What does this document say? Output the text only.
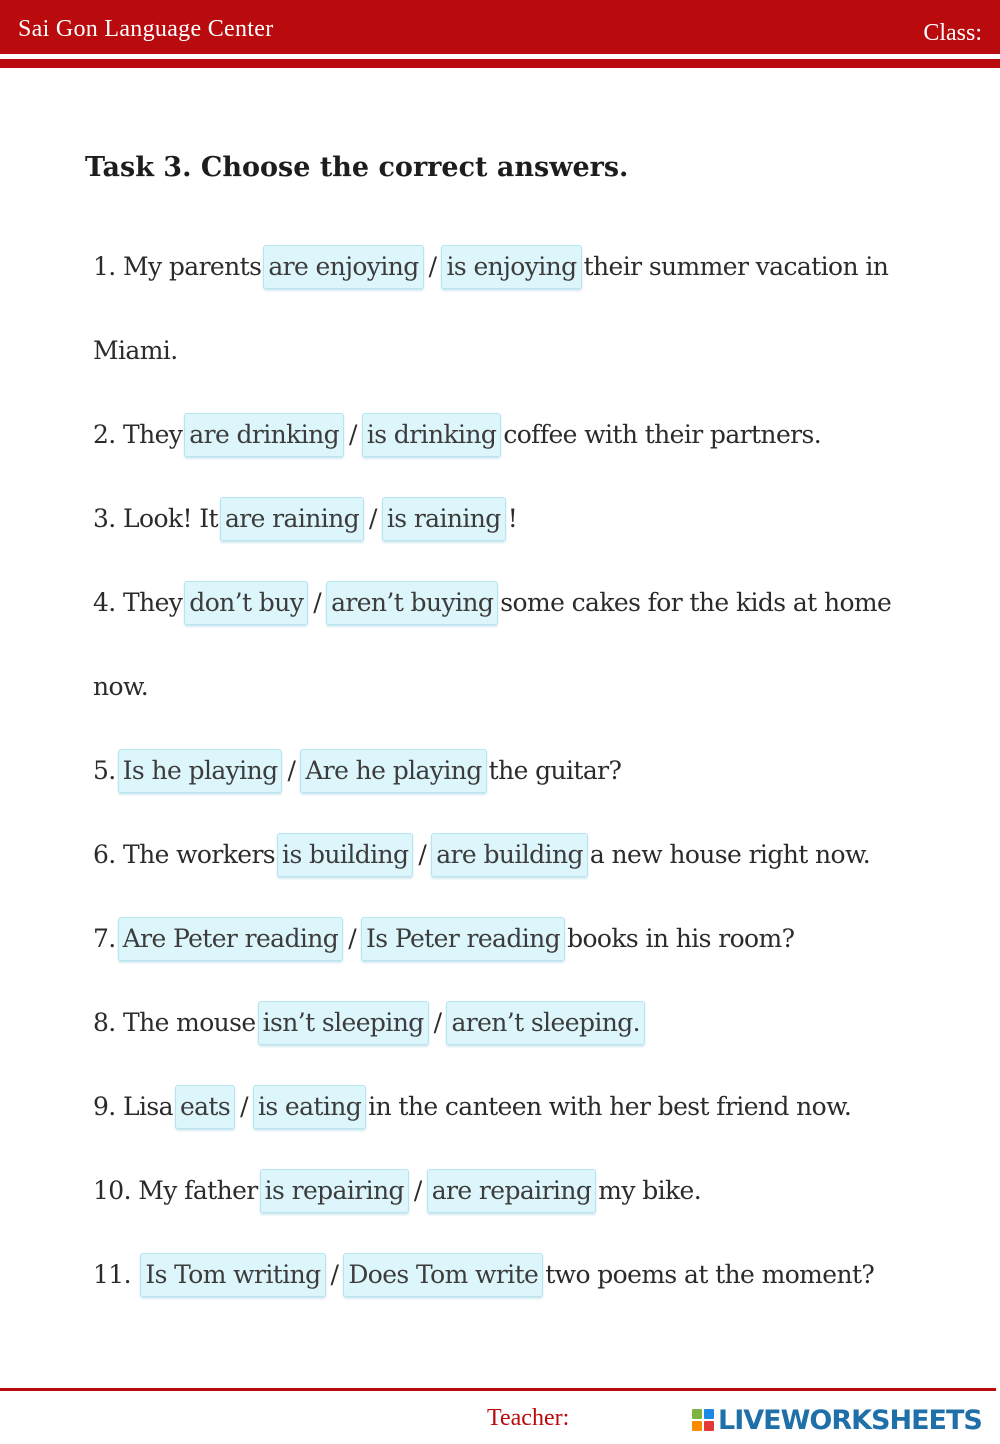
Sai Gon Language Center	Class:
Task 3. Choose the correct answers.
1. My parents are enjoying / is enjoying their summer vacation in
Miami.
2. They are drinking / is drinking coffee with their partners.
3. Look! It are raining / is raining !
4. They don’t buy / aren’t buying some cakes for the kids at home
now.
5. Is he playing / Are he playing the guitar?
6. The workers is building / are building a new house right now.
7. Are Peter reading / Is Peter reading books in his room?
8. The mouse isn’t sleeping / aren’t sleeping.
9. Lisa eats / is eating in the canteen with her best friend now.
10. My father is repairing / are repairing my bike.
11. Is Tom writing / Does Tom write two poems at the moment?
Teacher:	LIVEWORKSHEETS
